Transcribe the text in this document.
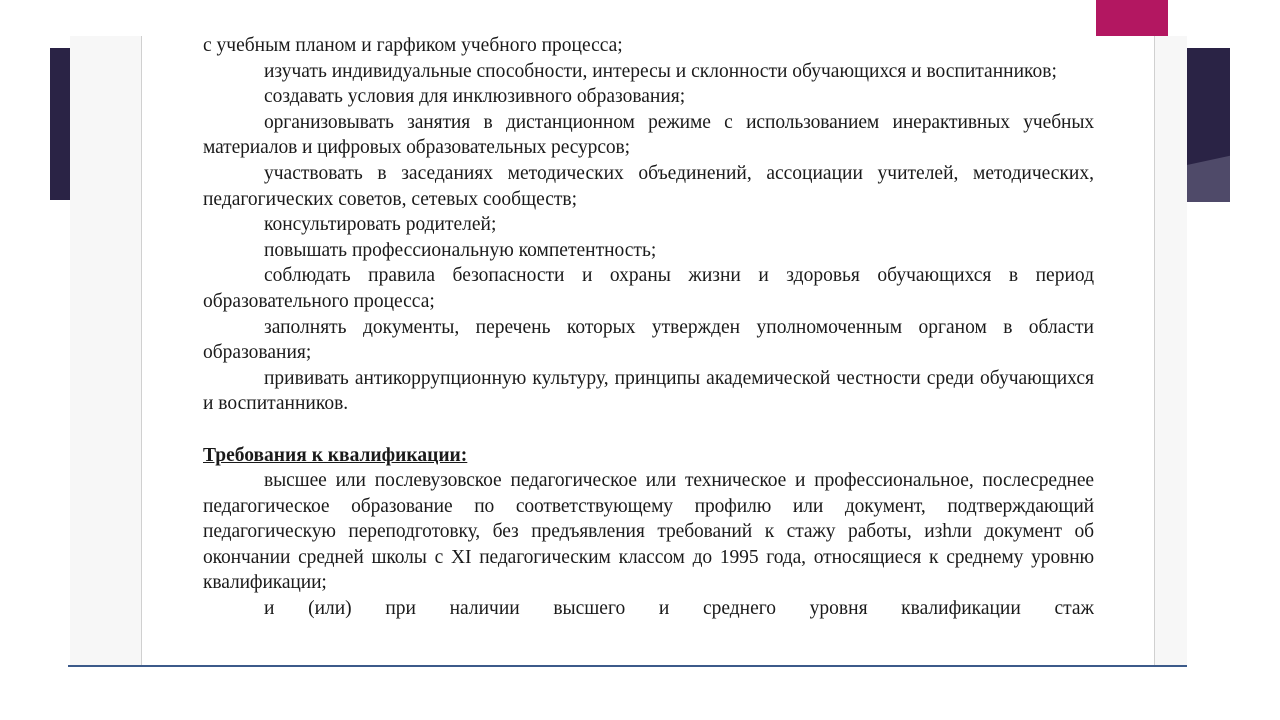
с учебным планом и гарфиком учебного процесса;

изучать индивидуальные способности, интересы и склонности обучающихся и воспитанников;

создавать условия для инклюзивного образования;

организовывать занятия в дистанционном режиме с использованием инерактивных учебных материалов и цифровых образовательных ресурсов;

участвовать в заседаниях методических объединений, ассоциации учителей, методических, педагогических советов, сетевых сообществ;

консультировать родителей;

повышать профессиональную компетентность;

соблюдать правила безопасности и охраны жизни и здоровья обучающихся в период образовательного процесса;

заполнять документы, перечень которых утвержден уполномоченным органом в области образования;

прививать антикоррупционную культуру, принципы академической честности среди обучающихся и воспитанников.

Требования к квалификации:

высшее или послевузовское педагогическое или техническое и профессиональное, послесреднее педагогическое образование по соответствующему профилю или документ, подтверждающий педагогическую переподготовку, без предъявления требований к стажу работы, изhли документ об окончании средней школы с XI педагогическим классом до 1995 года, относящиеся к среднему уровню квалификации;

и (или) при наличии высшего и среднего уровня квалификации стаж
